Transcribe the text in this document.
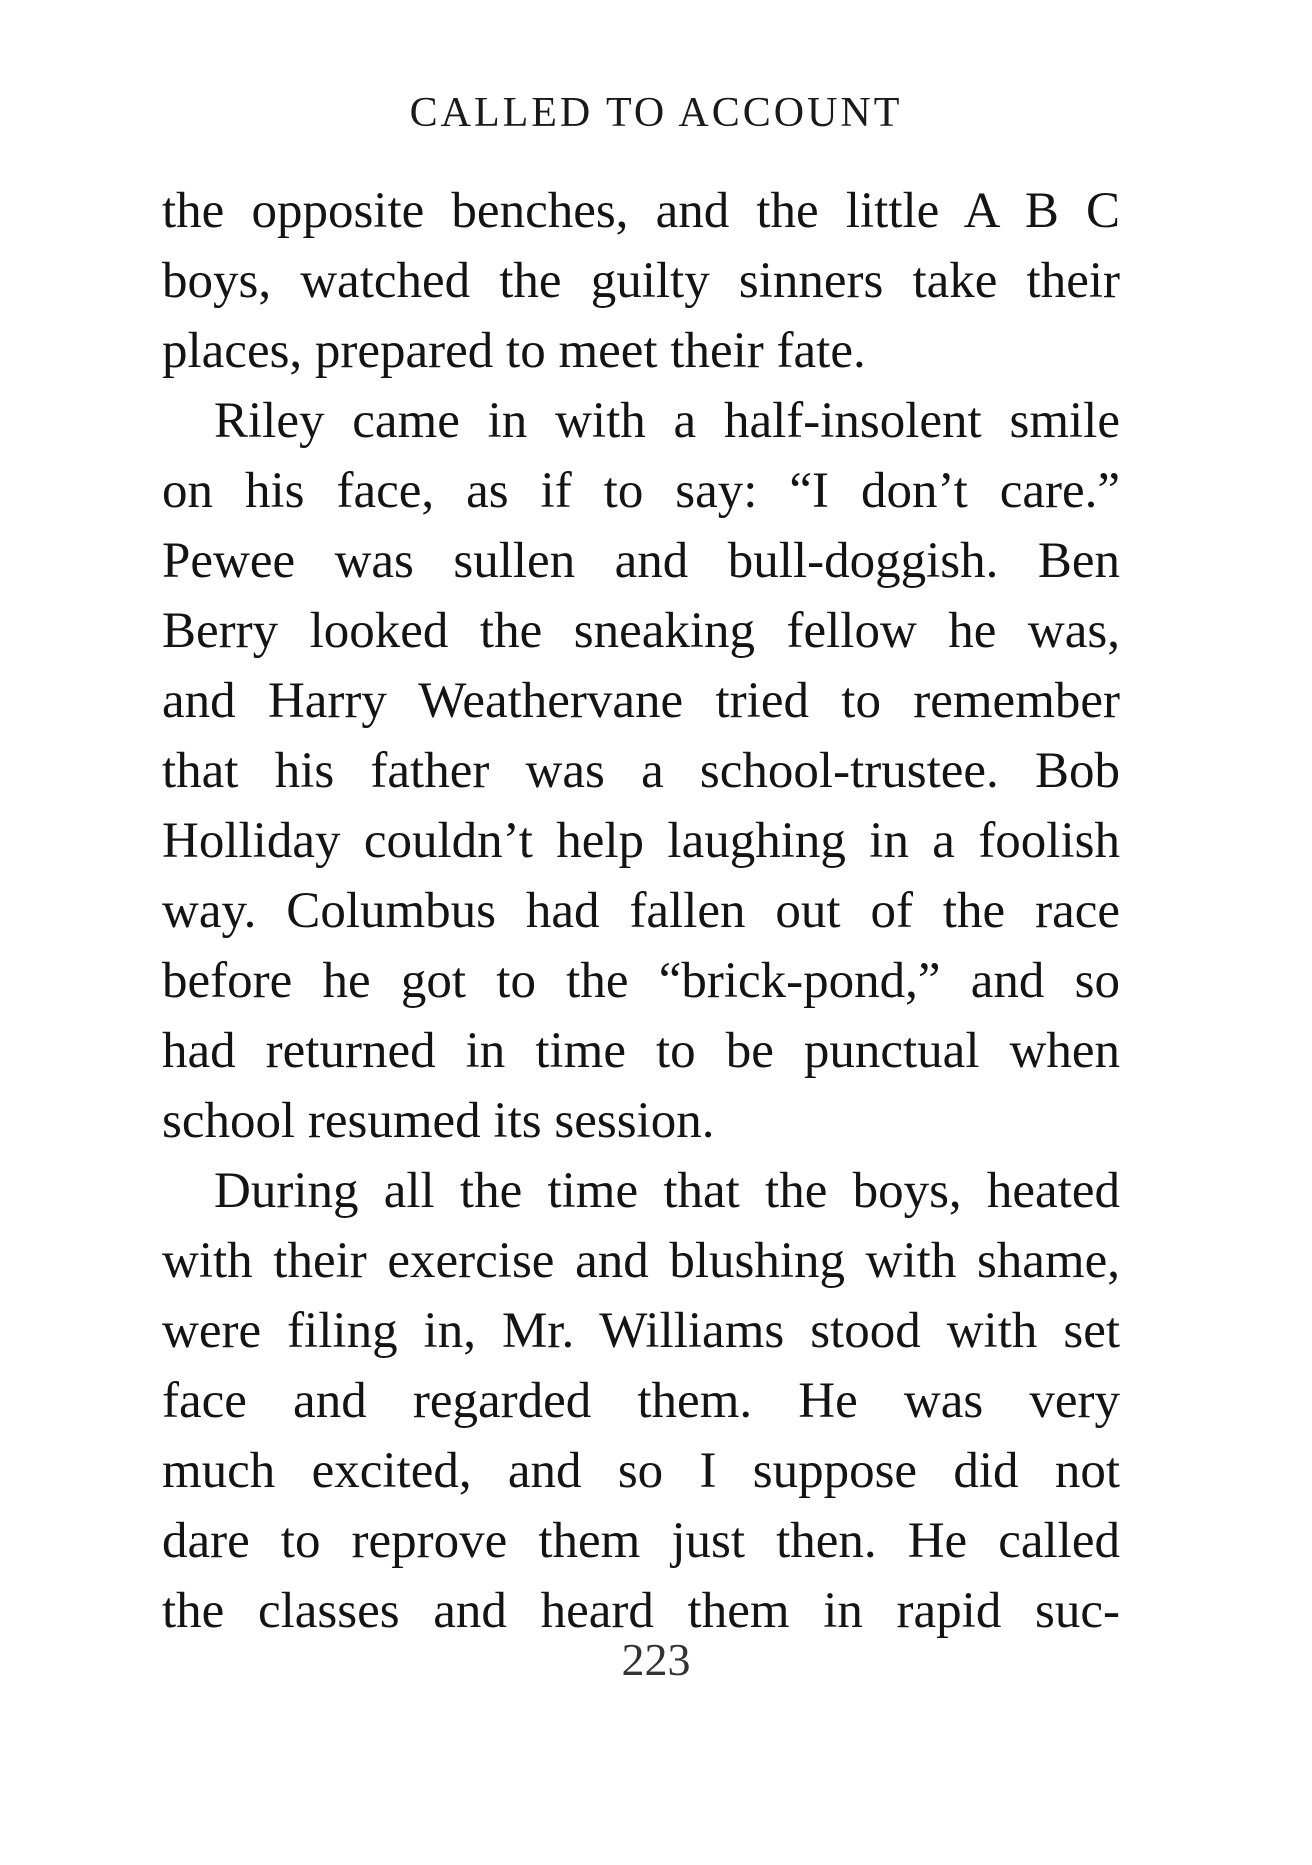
CALLED TO ACCOUNT
the opposite benches, and the little A B C
boys, watched the guilty sinners take their
places, prepared to meet their fate.
Riley came in with a half-insolent smile
on his face, as if to say: “I don’t care.”
Pewee was sullen and bull-doggish. Ben
Berry looked the sneaking fellow he was,
and Harry Weathervane tried to remember
that his father was a school-trustee. Bob
Holliday couldn’t help laughing in a foolish
way. Columbus had fallen out of the race
before he got to the “brick-pond,” and so
had returned in time to be punctual when
school resumed its session.
During all the time that the boys, heated
with their exercise and blushing with shame,
were filing in, Mr. Williams stood with set
face and regarded them. He was very
much excited, and so I suppose did not
dare to reprove them just then. He called
the classes and heard them in rapid suc-
223
